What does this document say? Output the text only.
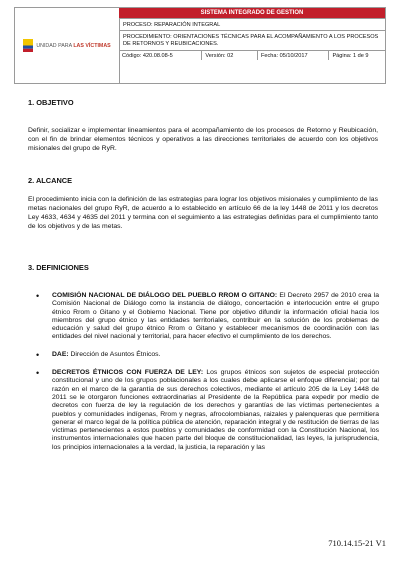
UNIDAD PARA LAS VÍCTIMAS
SISTEMA INTEGRADO DE GESTION
PROCESO: REPARACIÓN INTEGRAL
PROCEDIMIENTO: ORIENTACIONES TÉCNICAS PARA EL ACOMPAÑAMIENTO A LOS PROCESOS DE RETORNOS Y REUBICACIONES.
Código: 420.08.08-5	Versión: 02	Fecha: 05/10/2017	Página: 1 de 9
1. OBJETIVO

Definir, socializar e implementar lineamientos para el acompañamiento de los procesos de Retorno y Reubicación, con el fin de brindar elementos técnicos y operativos a las direcciones territoriales de acuerdo con los objetivos misionales del grupo de RyR.

2. ALCANCE

El procedimiento inicia con la definición de las estrategias para lograr los objetivos misionales y cumplimiento de las metas nacionales del grupo RyR, de acuerdo a lo establecido en artículo 66 de la ley 1448 de 2011 y los decretos Ley 4633, 4634 y 4635 del 2011 y termina con el seguimiento a las estrategias definidas para el cumplimiento tanto de los objetivos y de las metas.

3. DEFINICIONES
• COMISIÓN NACIONAL DE DIÁLOGO DEL PUEBLO RROM O GITANO: El Decreto 2957 de 2010 crea la Comisión Nacional de Diálogo como la instancia de diálogo, concertación e interlocución entre el grupo étnico Rrom o Gitano y el Gobierno Nacional. Tiene por objetivo difundir la información oficial hacia los miembros del grupo étnico y las entidades territoriales, contribuir en la solución de los problemas de educación y salud del grupo étnico Rrom o Gitano y establecer mecanismos de coordinación con las entidades del nivel nacional y territorial, para hacer efectivo el cumplimiento de los derechos.
• DAE: Dirección de Asuntos Étnicos.
• DECRETOS ÉTNICOS CON FUERZA DE LEY: Los grupos étnicos son sujetos de especial protección constitucional y uno de los grupos poblacionales a los cuales debe aplicarse el enfoque diferencial; por tal razón en el marco de la garantía de sus derechos colectivos, mediante el artículo 205 de la Ley 1448 de 2011 se le otorgaron funciones extraordinarias al Presidente de la República para expedir por medio de decretos con fuerza de ley la regulación de los derechos y garantías de las víctimas pertenecientes a pueblos y comunidades indígenas, Rrom y negras, afrocolombianas, raizales y palenqueras que permitiera generar el marco legal de la política pública de atención, reparación integral y de restitución de tierras de las víctimas pertenecientes a estos pueblos y comunidades de conformidad con la Constitución Nacional, los instrumentos internacionales que hacen parte del bloque de constitucionalidad, las leyes, la jurisprudencia, los principios internacionales a la verdad, la justicia, la reparación y las
710.14.15-21 V1
